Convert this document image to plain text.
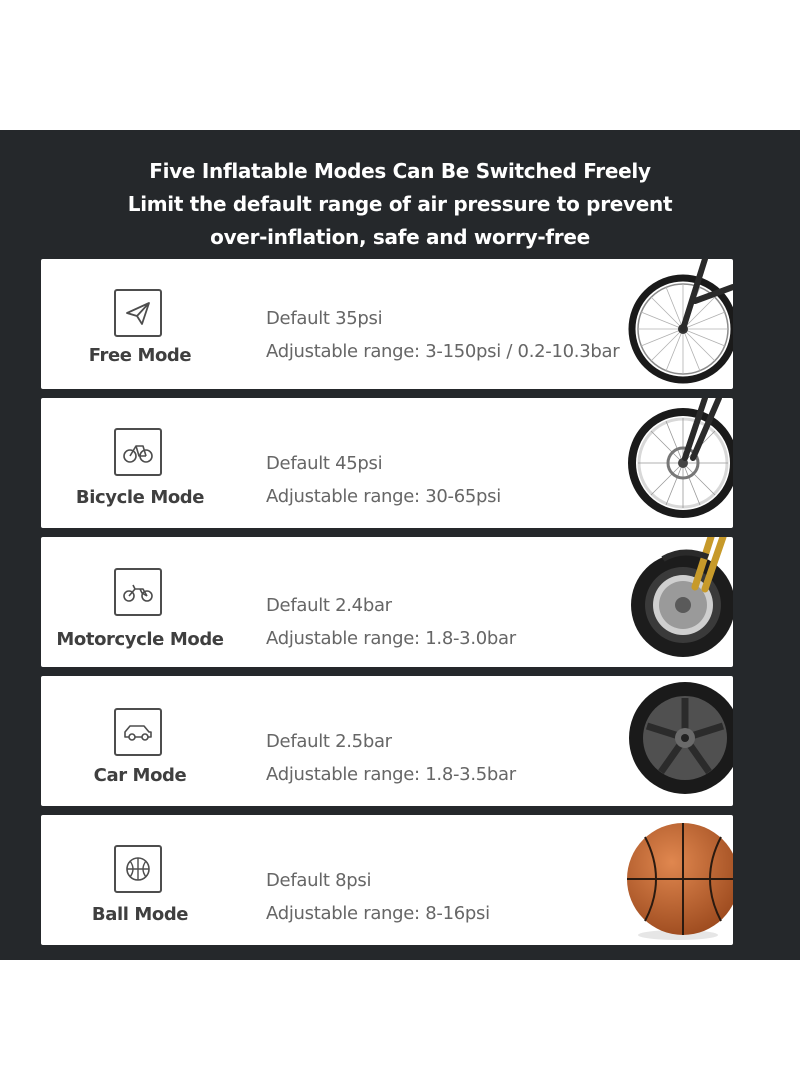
Five Inflatable Modes Can Be Switched Freely
Limit the default range of air pressure to prevent
over-inflation, safe and worry-free
Free Mode
Default 35psi
Adjustable range: 3-150psi / 0.2-10.3bar
Bicycle Mode
Default 45psi
Adjustable range: 30-65psi
Motorcycle Mode
Default 2.4bar
Adjustable range: 1.8-3.0bar
Car Mode
Default 2.5bar
Adjustable range: 1.8-3.5bar
Ball Mode
Default 8psi
Adjustable range: 8-16psi
